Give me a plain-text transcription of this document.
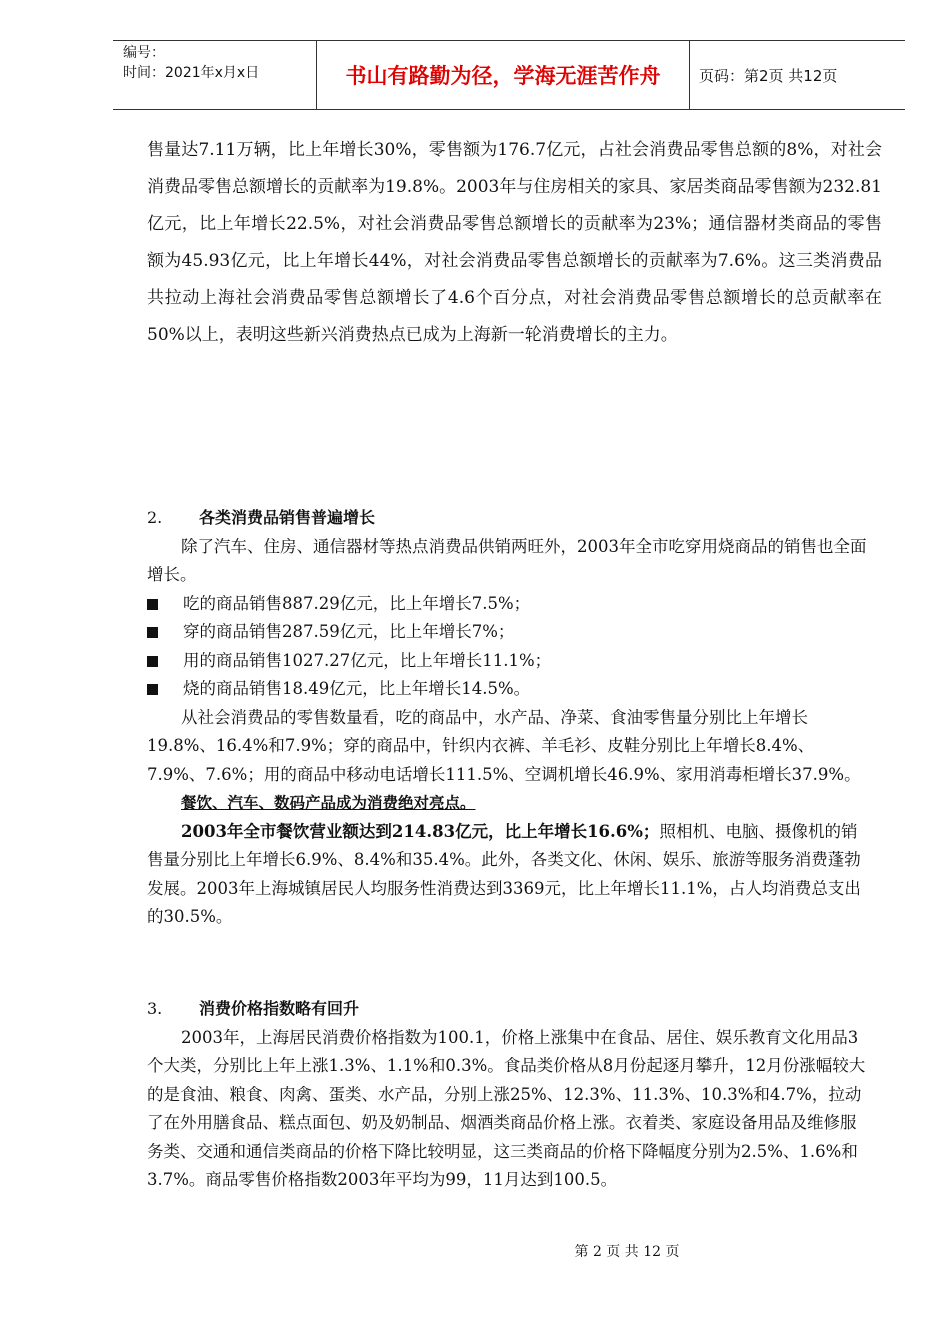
编号：
时间：2021年x月x日	书山有路勤为径，学海无涯苦作舟	页码：第2页 共12页

售量达7.11万辆，比上年增长30%，零售额为176.7亿元，占社会消费品零售总额的8%，对社会消费品零售总额增长的贡献率为19.8%。2003年与住房相关的家具、家居类商品零售额为232.81亿元，比上年增长22.5%，对社会消费品零售总额增长的贡献率为23%；通信器材类商品的零售额为45.93亿元，比上年增长44%，对社会消费品零售总额增长的贡献率为7.6%。这三类消费品共拉动上海社会消费品零售总额增长了4.6个百分点，对社会消费品零售总额增长的总贡献率在50%以上，表明这些新兴消费热点已成为上海新一轮消费增长的主力。

2. 各类消费品销售普遍增长

除了汽车、住房、通信器材等热点消费品供销两旺外，2003年全市吃穿用烧商品的销售也全面增长。

吃的商品销售887.29亿元，比上年增长7.5%；

穿的商品销售287.59亿元，比上年增长7%；

用的商品销售1027.27亿元，比上年增长11.1%；

烧的商品销售18.49亿元，比上年增长14.5%。

从社会消费品的零售数量看，吃的商品中，水产品、净菜、食油零售量分别比上年增长19.8%、16.4%和7.9%；穿的商品中，针织内衣裤、羊毛衫、皮鞋分别比上年增长8.4%、7.9%、7.6%；用的商品中移动电话增长111.5%、空调机增长46.9%、家用消毒柜增长37.9%。

餐饮、汽车、数码产品成为消费绝对亮点。

2003年全市餐饮营业额达到214.83亿元，比上年增长16.6%；照相机、电脑、摄像机的销售量分别比上年增长6.9%、8.4%和35.4%。此外，各类文化、休闲、娱乐、旅游等服务消费蓬勃发展。2003年上海城镇居民人均服务性消费达到3369元，比上年增长11.1%，占人均消费总支出的30.5%。

3. 消费价格指数略有回升

2003年，上海居民消费价格指数为100.1，价格上涨集中在食品、居住、娱乐教育文化用品3个大类，分别比上年上涨1.3%、1.1%和0.3%。食品类价格从8月份起逐月攀升，12月份涨幅较大的是食油、粮食、肉禽、蛋类、水产品，分别上涨25%、12.3%、11.3%、10.3%和4.7%，拉动了在外用膳食品、糕点面包、奶及奶制品、烟酒类商品价格上涨。衣着类、家庭设备用品及维修服务类、交通和通信类商品的价格下降比较明显，这三类商品的价格下降幅度分别为2.5%、1.6%和3.7%。商品零售价格指数2003年平均为99，11月达到100.5。

第 2 页 共 12 页
